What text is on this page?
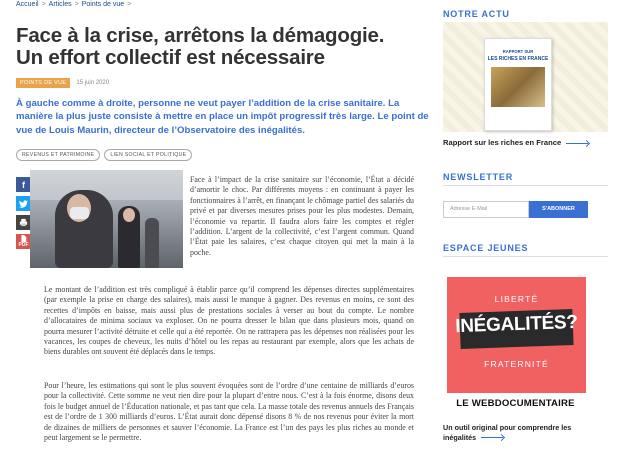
Accueil > Articles > Points de vue >
Face à la crise, arrêtons la démagogie.
Un effort collectif est nécessaire
POINTS DE VUE	15 juin 2020

À gauche comme à droite, personne ne veut payer l’addition de la crise sanitaire. La manière la plus juste consiste à mettre en place un impôt progressif très large. Le point de vue de Louis Maurin, directeur de l’Observatoire des inégalités.

REVENUS ET PATRIMOINE	LIEN SOCIAL ET POLITIQUE
f
PDF

Face à l’impact de la crise sanitaire sur l’économie, l’État a décidé d’amortir le choc. Par différents moyens : en continuant à payer les fonctionnaires à l’arrêt, en finançant le chômage partiel des salariés du privé et par diverses mesures prises pour les plus modestes. Demain, l’économie va repartir. Il faudra alors faire les comptes et régler l’addition. L’argent de la collectivité, c’est l’argent commun. Quand l’État paie les salaires, c’est chaque citoyen qui met la main à la poche.

Le montant de l’addition est très compliqué à établir parce qu’il comprend les dépenses directes supplémentaires (par exemple la prise en charge des salaires), mais aussi le manque à gagner. Des revenus en moins, ce sont des recettes d’impôts en baisse, mais aussi plus de prestations sociales à verser au bout du compte. Le nombre d’allocataires de minima sociaux va exploser. On ne pourra dresser le bilan que dans plusieurs mois, quand on pourra mesurer l’activité détruite et celle qui a été reportée. On ne rattrapera pas les dépenses non réalisées pour les vacances, les coupes de cheveux, les nuits d’hôtel ou les repas au restaurant par exemple, alors que les achats de biens durables ont souvent été déplacés dans le temps.

Pour l’heure, les estimations qui sont le plus souvent évoquées sont de l’ordre d’une centaine de milliards d’euros pour la collectivité. Cette somme ne veut rien dire pour la plupart d’entre nous. C’est à la fois énorme, disons deux fois le budget annuel de l’Éducation nationale, et pas tant que cela. La masse totale des revenus annuels des Français est de l’ordre de 1 300 milliards d’euros. L’État aurait donc dépensé disons 8 % de nos revenus pour éviter la mort de dizaines de milliers de personnes et sauver l’économie. La France est l’un des pays les plus riches au monde et peut largement se le permettre.

NOTRE ACTU
RAPPORT SUR
LES RICHES EN FRANCE
Rapport sur les riches en France
NEWSLETTER
Adresse E-Mail	S'ABONNER
ESPACE JEUNES
LIBERTÉ
INÉGALITÉS?
FRATERNITÉ
LE WEBDOCUMENTAIRE
Un outil original pour comprendre les
inégalités
